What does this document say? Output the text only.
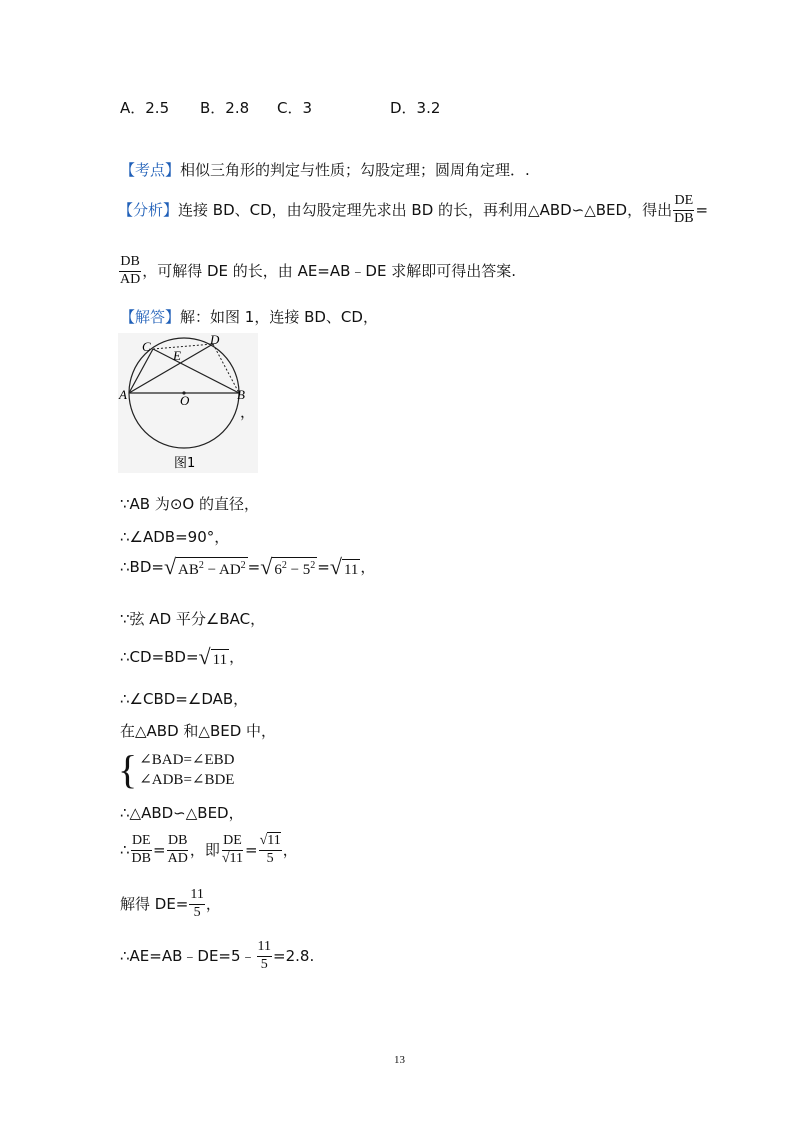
A．2.5 B．2.8 C．3	D．3.2
【考点】相似三角形的判定与性质；勾股定理；圆周角定理．.
【分析】 连接 BD、CD，由勾股定理先求出 BD 的长，再利用△ABD∽△BED，得出 $\frac{DE}{DB}$ =
$\frac{DB}{AD}$ ，可解得 DE 的长，由 AE=AB﹣DE 求解即可得出答案.
【解答】解：如图 1，连接 BD、CD，
C	D
E
A	O	B
图1
，
∵AB 为⊙O 的直径，
∴∠ADB=90°，
∴BD= √ $AB^2 - AD^2$ = √ $6^2 - 5^2$ = √ 11 ，
∵弦 AD 平分∠BAC，
∴CD=BD= √ 11 ，
∴∠CBD=∠DAB，
在△ABD 和△BED 中，
{ ∠BAD=∠EBD
∠ADB=∠BDE
∴△ABD∽△BED，
∴ $\frac{DE}{DB} = \frac{DB}{AD}$ ，即 $\frac{DE}{√11} = \frac{√11}{5}$ ，
解得 $DE= \frac{11}{5}$ ，
∴AE=AB﹣DE=5﹣ $\frac{11}{5} =2.8$.
13
